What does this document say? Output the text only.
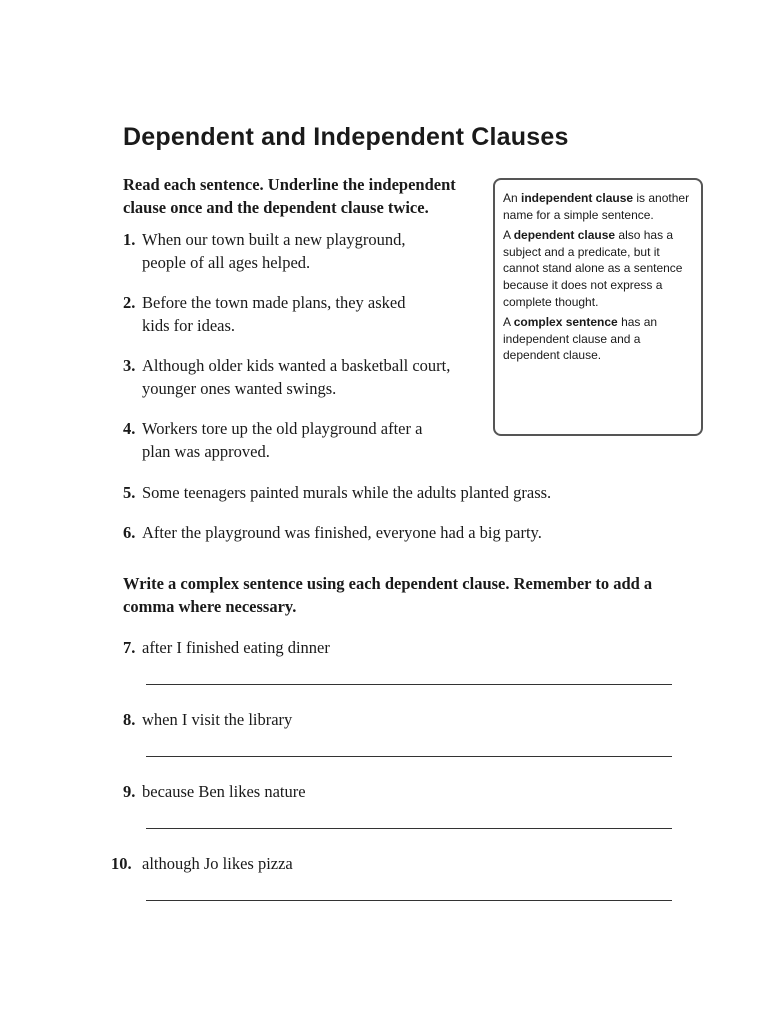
Dependent and Independent Clauses
Read each sentence. Underline the independent clause once and the dependent clause twice.
1. When our town built a new playground,
people of all ages helped.
2. Before the town made plans, they asked
kids for ideas.
3. Although older kids wanted a basketball court,
younger ones wanted swings.
4. Workers tore up the old playground after a
plan was approved.
5. Some teenagers painted murals while the adults planted grass.
6. After the playground was finished, everyone had a big party.

An independent clause is another name for a simple sentence.

A dependent clause also has a subject and a predicate, but it cannot stand alone as a sentence because it does not express a complete thought.

A complex sentence has an independent clause and a dependent clause.

Write a complex sentence using each dependent clause. Remember to add a comma where necessary.
7. after I finished eating dinner
8. when I visit the library
9. because Ben likes nature
10. although Jo likes pizza
